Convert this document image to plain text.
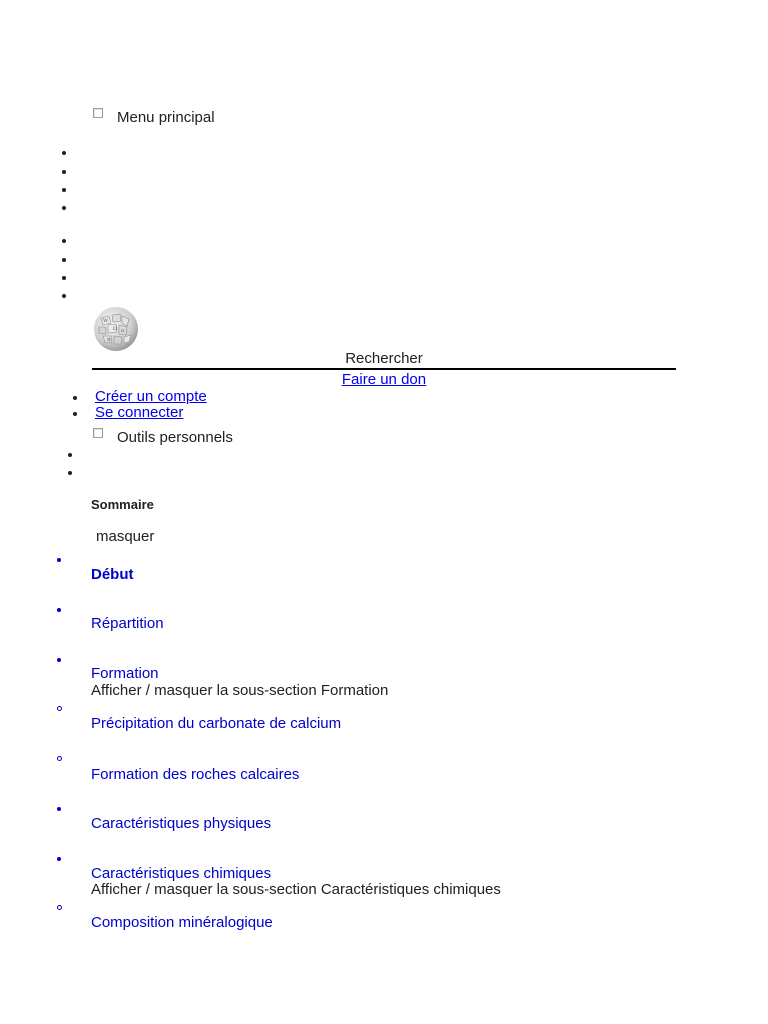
Menu principal
W
Ω И
維
Rechercher
Faire un don
Créer un compte
Se connecter
Outils personnels
Sommaire
masquer
Début
Répartition
Formation
Afficher / masquer la sous-section Formation
Précipitation du carbonate de calcium
Formation des roches calcaires
Caractéristiques physiques
Caractéristiques chimiques
Afficher / masquer la sous-section Caractéristiques chimiques
Composition minéralogique
